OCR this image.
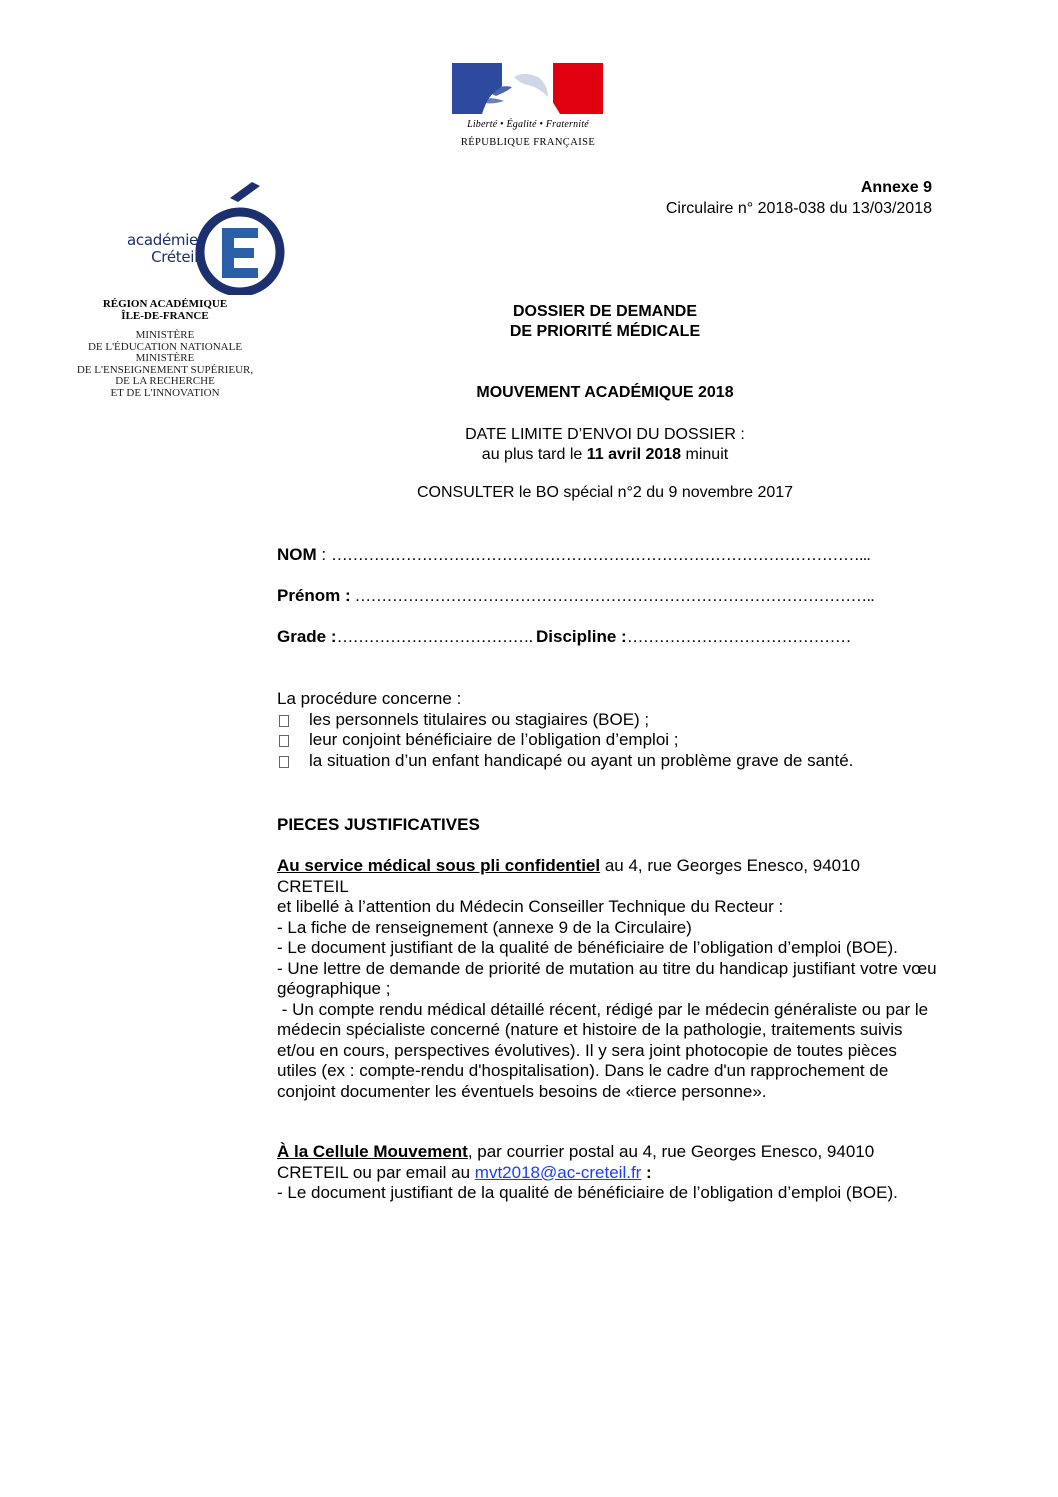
Liberté • Égalité • Fraternité
RÉPUBLIQUE FRANÇAISE
académie
Créteil
RÉGION ACADÉMIQUE
ÎLE-DE-FRANCE
MINISTÈRE
DE L'ÉDUCATION NATIONALE
MINISTÈRE
DE L'ENSEIGNEMENT SUPÉRIEUR,
DE LA RECHERCHE
ET DE L'INNOVATION
Annexe 9
Circulaire n° 2018-038 du 13/03/2018
DOSSIER DE DEMANDE
DE PRIORITÉ MÉDICALE
MOUVEMENT ACADÉMIQUE 2018
DATE LIMITE D’ENVOI DU DOSSIER :
au plus tard le 11 avril 2018 minuit
CONSULTER le BO spécial n°2 du 9 novembre 2017
NOM : ………………………………………………………………………………………...
Prénom : ……………………………………………………………………………………..
Grade :………………………………. Discipline :……………………………………
La procédure concerne :
les personnels titulaires ou stagiaires (BOE) ;
leur conjoint bénéficiaire de l’obligation d’emploi ;
la situation d’un enfant handicapé ou ayant un problème grave de santé.
PIECES JUSTIFICATIVES
Au service médical sous pli confidentiel au 4, rue Georges Enesco, 94010
CRETEIL
et libellé à l’attention du Médecin Conseiller Technique du Recteur :
- La fiche de renseignement (annexe 9 de la Circulaire)
- Le document justifiant de la qualité de bénéficiaire de l’obligation d’emploi (BOE).
- Une lettre de demande de priorité de mutation au titre du handicap justifiant votre vœu géographique ;
- Un compte rendu médical détaillé récent, rédigé par le médecin généraliste ou par le médecin spécialiste concerné (nature et histoire de la pathologie, traitements suivis et/ou en cours, perspectives évolutives). Il y sera joint photocopie de toutes pièces utiles (ex : compte-rendu d'hospitalisation). Dans le cadre d'un rapprochement de conjoint documenter les éventuels besoins de «tierce personne».
À la Cellule Mouvement, par courrier postal au 4, rue Georges Enesco, 94010
CRETEIL ou par email au mvt2018@ac-creteil.fr :
- Le document justifiant de la qualité de bénéficiaire de l’obligation d’emploi (BOE).
